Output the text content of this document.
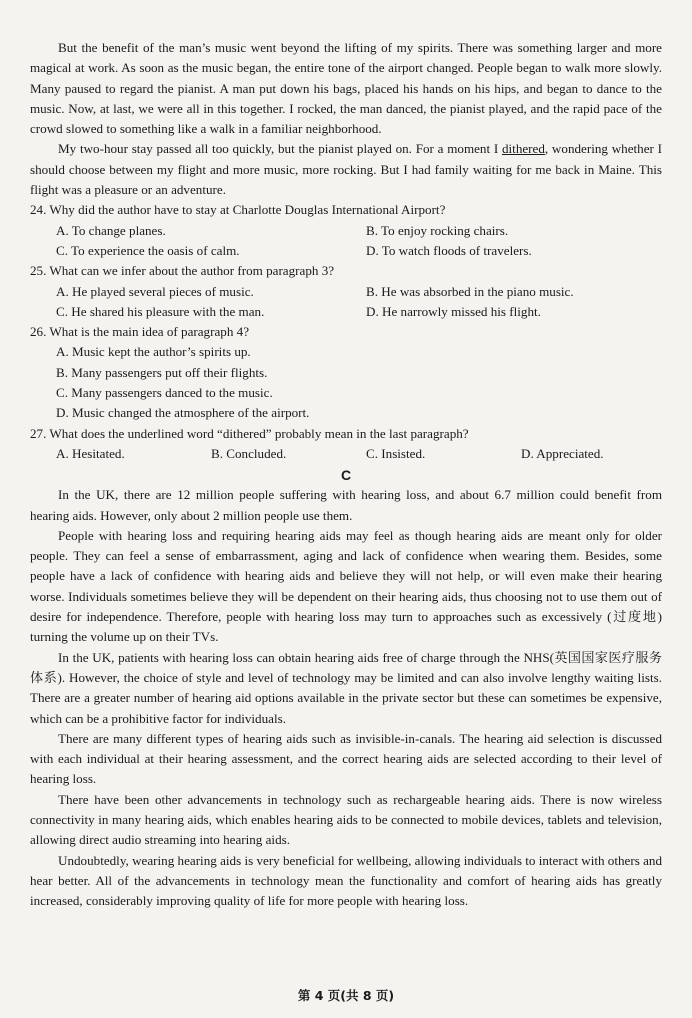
But the benefit of the man’s music went beyond the lifting of my spirits. There was something larger and more magical at work. As soon as the music began, the entire tone of the airport changed. People began to walk more slowly. Many paused to regard the pianist. A man put down his bags, placed his hands on his hips, and began to dance to the music. Now, at last, we were all in this together. I rocked, the man danced, the pianist played, and the rapid pace of the crowd slowed to something like a walk in a familiar neighborhood.

My two-hour stay passed all too quickly, but the pianist played on. For a moment I dithered, wondering whether I should choose between my flight and more music, more rocking. But I had family waiting for me back in Maine. This flight was a pleasure or an adventure.

24. Why did the author have to stay at Charlotte Douglas International Airport?

A. To change planes.	B. To enjoy rocking chairs.
C. To experience the oasis of calm.	D. To watch floods of travelers.

25. What can we infer about the author from paragraph 3?

A. He played several pieces of music.	B. He was absorbed in the piano music.
C. He shared his pleasure with the man.	D. He narrowly missed his flight.

26. What is the main idea of paragraph 4?

A. Music kept the author’s spirits up.
B. Many passengers put off their flights.
C. Many passengers danced to the music.
D. Music changed the atmosphere of the airport.

27. What does the underlined word “dithered” probably mean in the last paragraph?

A. Hesitated.	B. Concluded.	C. Insisted.	D. Appreciated.
C

In the UK, there are 12 million people suffering with hearing loss, and about 6.7 million could benefit from hearing aids. However, only about 2 million people use them.

People with hearing loss and requiring hearing aids may feel as though hearing aids are meant only for older people. They can feel a sense of embarrassment, aging and lack of confidence when wearing them. Besides, some people have a lack of confidence with hearing aids and believe they will not help, or will even make their hearing worse. Individuals sometimes believe they will be dependent on their hearing aids, thus choosing not to use them out of desire for independence. Therefore, people with hearing loss may turn to approaches such as excessively (过度地) turning the volume up on their TVs.

In the UK, patients with hearing loss can obtain hearing aids free of charge through the NHS(英国国家医疗服务体系). However, the choice of style and level of technology may be limited and can also involve lengthy waiting lists. There are a greater number of hearing aid options available in the private sector but these can sometimes be expensive, which can be a prohibitive factor for individuals.

There are many different types of hearing aids such as invisible-in-canals. The hearing aid selection is discussed with each individual at their hearing assessment, and the correct hearing aids are selected according to their level of hearing loss.

There have been other advancements in technology such as rechargeable hearing aids. There is now wireless connectivity in many hearing aids, which enables hearing aids to be connected to mobile devices, tablets and television, allowing direct audio streaming into hearing aids.

Undoubtedly, wearing hearing aids is very beneficial for wellbeing, allowing individuals to interact with others and hear better. All of the advancements in technology mean the functionality and comfort of hearing aids has greatly increased, considerably improving quality of life for more people with hearing loss.

第 4 页(共 8 页)
